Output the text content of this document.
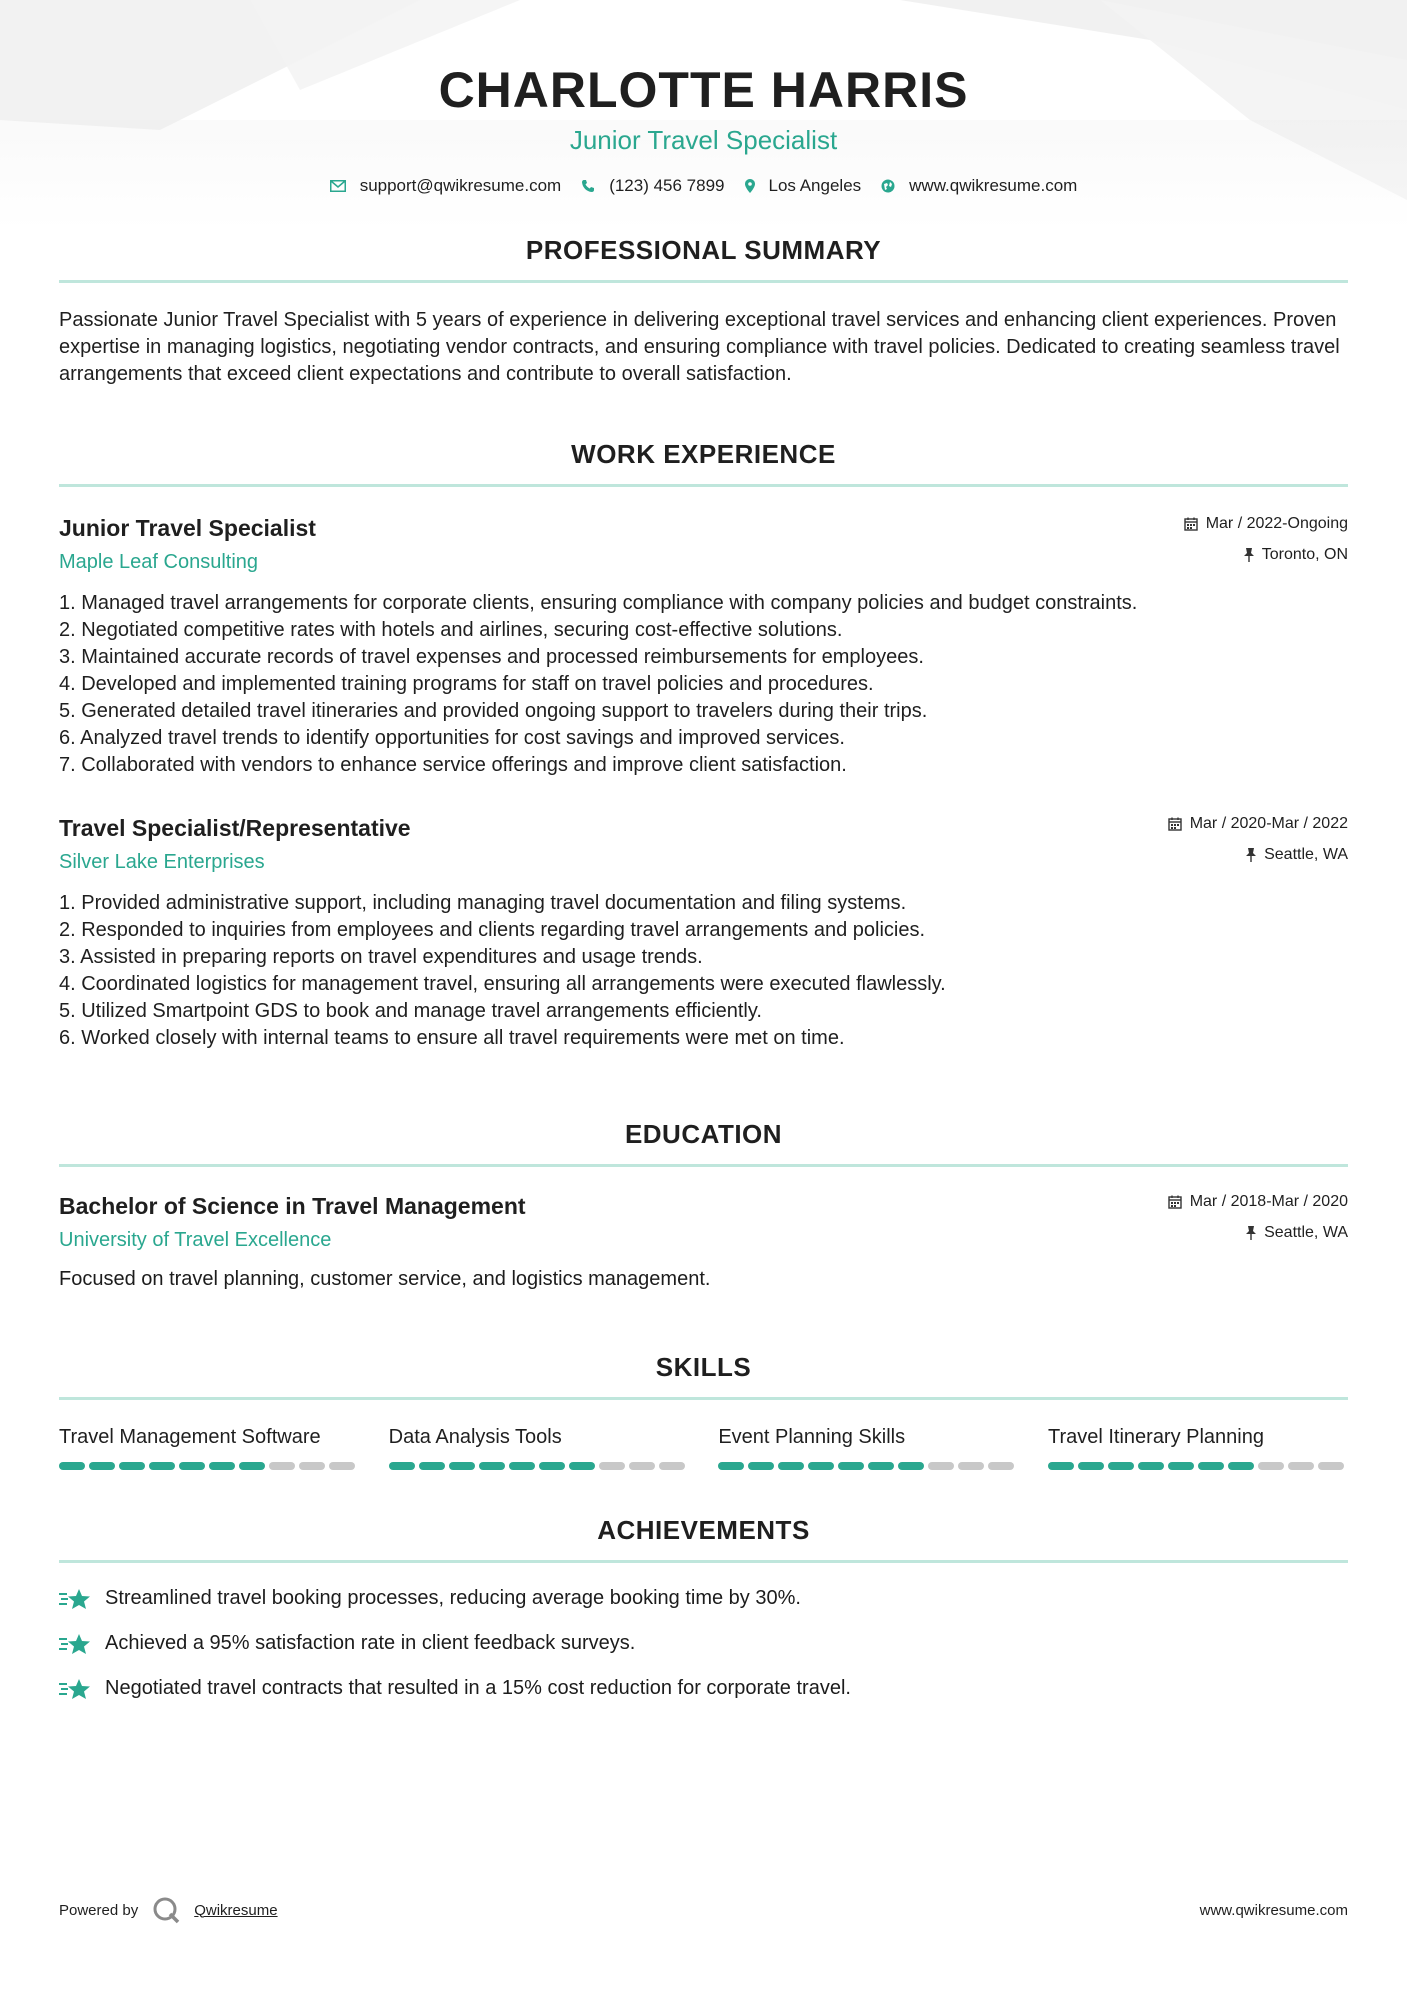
CHARLOTTE HARRIS
Junior Travel Specialist
support@qwikresume.com	(123) 456 7899	Los Angeles	www.qwikresume.com
PROFESSIONAL SUMMARY

Passionate Junior Travel Specialist with 5 years of experience in delivering exceptional travel services and enhancing client experiences. Proven expertise in managing logistics, negotiating vendor contracts, and ensuring compliance with travel policies. Dedicated to creating seamless travel arrangements that exceed client expectations and contribute to overall satisfaction.

WORK EXPERIENCE
Junior Travel Specialist
Maple Leaf Consulting
Mar / 2022-Ongoing
Toronto, ON
1. Managed travel arrangements for corporate clients, ensuring compliance with company policies and budget constraints.
2. Negotiated competitive rates with hotels and airlines, securing cost-effective solutions.
3. Maintained accurate records of travel expenses and processed reimbursements for employees.
4. Developed and implemented training programs for staff on travel policies and procedures.
5. Generated detailed travel itineraries and provided ongoing support to travelers during their trips.
6. Analyzed travel trends to identify opportunities for cost savings and improved services.
7. Collaborated with vendors to enhance service offerings and improve client satisfaction.
Travel Specialist/Representative
Silver Lake Enterprises
Mar / 2020-Mar / 2022
Seattle, WA
1. Provided administrative support, including managing travel documentation and filing systems.
2. Responded to inquiries from employees and clients regarding travel arrangements and policies.
3. Assisted in preparing reports on travel expenditures and usage trends.
4. Coordinated logistics for management travel, ensuring all arrangements were executed flawlessly.
5. Utilized Smartpoint GDS to book and manage travel arrangements efficiently.
6. Worked closely with internal teams to ensure all travel requirements were met on time.
EDUCATION
Bachelor of Science in Travel Management
University of Travel Excellence
Mar / 2018-Mar / 2020
Seattle, WA

Focused on travel planning, customer service, and logistics management.

SKILLS
Travel Management Software	Data Analysis Tools	Event Planning Skills	Travel Itinerary Planning
ACHIEVEMENTS
Streamlined travel booking processes, reducing average booking time by 30%.
Achieved a 95% satisfaction rate in client feedback surveys.
Negotiated travel contracts that resulted in a 15% cost reduction for corporate travel.
Powered by	Qwikresume	www.qwikresume.com
